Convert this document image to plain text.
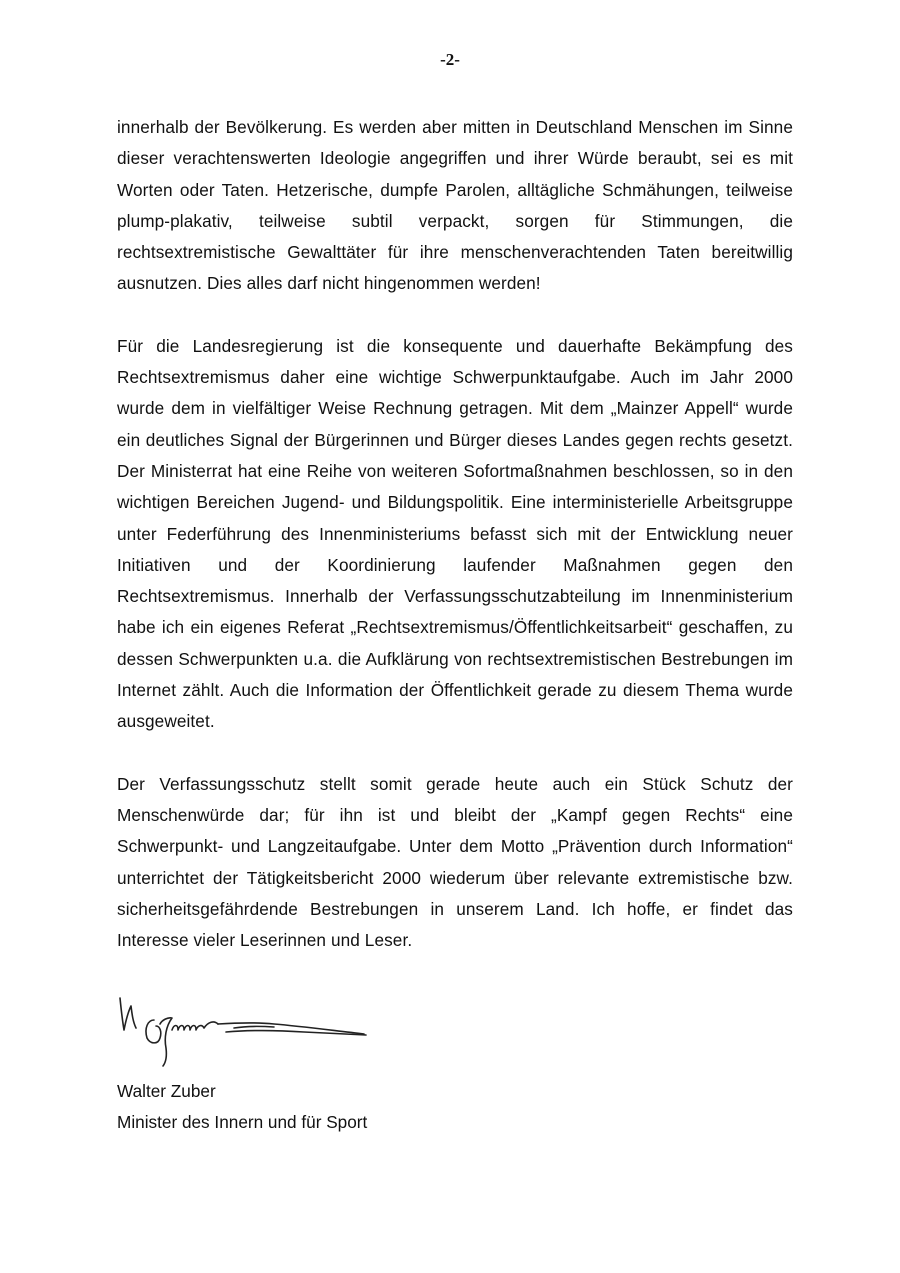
-2-

innerhalb der Bevölkerung. Es werden aber mitten in Deutschland Menschen im Sinne dieser verachtenswerten Ideologie angegriffen und ihrer Würde beraubt, sei es mit Worten oder Taten. Hetzerische, dumpfe Parolen, alltägliche Schmähungen, teilweise plump-plakativ, teilweise subtil verpackt, sorgen für Stimmungen, die rechtsextremistische Gewalttäter für ihre menschenverachtenden Taten bereitwillig ausnutzen. Dies alles darf nicht hingenommen werden!

Für die Landesregierung ist die konsequente und dauerhafte Bekämpfung des Rechtsextremismus daher eine wichtige Schwerpunktaufgabe. Auch im Jahr 2000 wurde dem in vielfältiger Weise Rechnung getragen. Mit dem „Mainzer Appell“ wurde ein deutliches Signal der Bürgerinnen und Bürger dieses Landes gegen rechts gesetzt. Der Ministerrat hat eine Reihe von weiteren Sofortmaßnahmen beschlossen, so in den wichtigen Bereichen Jugend- und Bildungspolitik. Eine interministerielle Arbeitsgruppe unter Federführung des Innenministeriums befasst sich mit der Entwicklung neuer Initiativen und der Koordinierung laufender Maßnahmen gegen den Rechtsextremismus. Innerhalb der Verfassungsschutzabteilung im Innenministerium habe ich ein eigenes Referat „Rechtsextremismus/Öffentlichkeitsarbeit“ geschaffen, zu dessen Schwerpunkten u.a. die Aufklärung von rechtsextremistischen Bestrebungen im Internet zählt. Auch die Information der Öffentlichkeit gerade zu diesem Thema wurde ausgeweitet.

Der Verfassungsschutz stellt somit gerade heute auch ein Stück Schutz der Menschenwürde dar; für ihn ist und bleibt der „Kampf gegen Rechts“ eine Schwerpunkt- und Langzeitaufgabe. Unter dem Motto „Prävention durch Information“ unterrichtet der Tätigkeitsbericht 2000 wiederum über relevante extremistische bzw. sicherheitsgefährdende Bestrebungen in unserem Land. Ich hoffe, er findet das Interesse vieler Leserinnen und Leser.

Walter Zuber
Minister des Innern und für Sport
